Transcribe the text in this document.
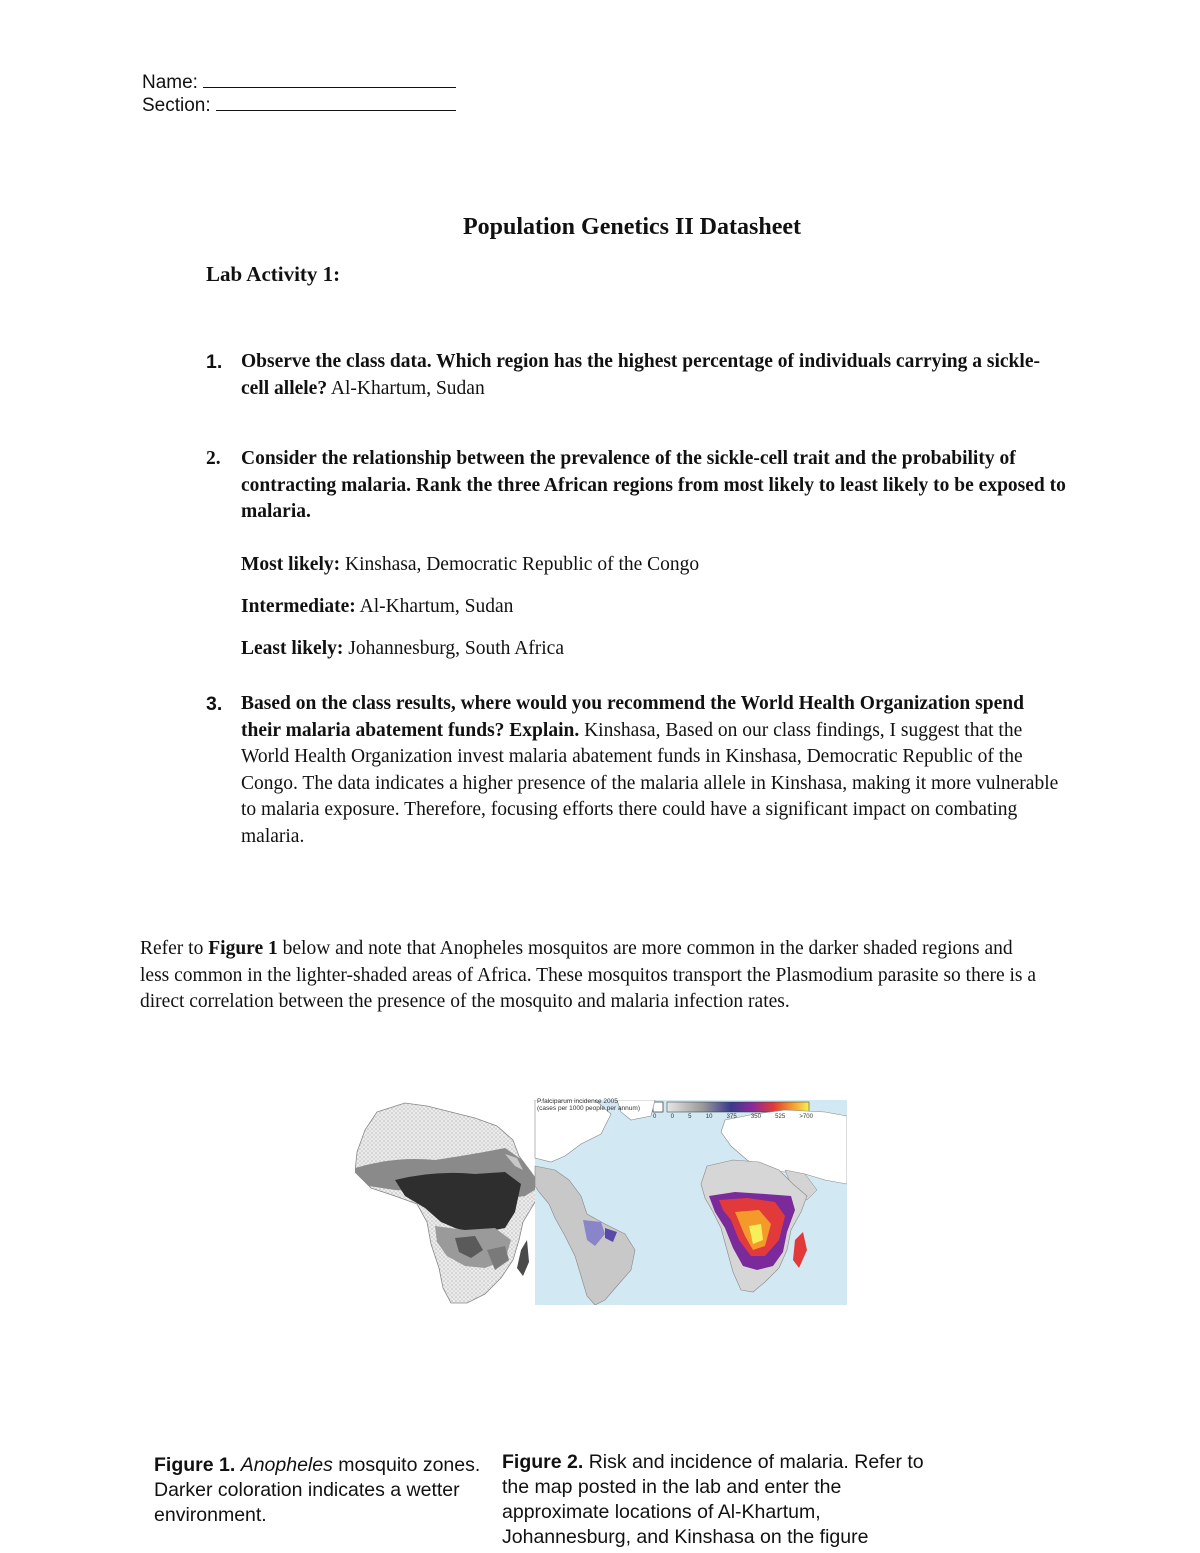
Name:
Section:
Population Genetics II Datasheet
Lab Activity 1:
1. Observe the class data. Which region has the highest percentage of individuals carrying a sickle-cell allele? Al-Khartum, Sudan
2.	Consider the relationship between the prevalence of the sickle-cell trait and the probability of contracting malaria. Rank the three African regions from most likely to least likely to be exposed to malaria.
Most likely: Kinshasa, Democratic Republic of the Congo
Intermediate: Al-Khartum, Sudan
Least likely: Johannesburg, South Africa
3. Based on the class results, where would you recommend the World Health Organization spend their malaria abatement funds? Explain. Kinshasa, Based on our class findings, I suggest that the World Health Organization invest malaria abatement funds in Kinshasa, Democratic Republic of the Congo. The data indicates a higher presence of the malaria allele in Kinshasa, making it more vulnerable to malaria exposure. Therefore, focusing efforts there could have a significant impact on combating malaria.
Refer to Figure 1 below and note that Anopheles mosquitos are more common in the darker shaded regions and less common in the lighter-shaded areas of Africa. These mosquitos transport the Plasmodium parasite so there is a direct correlation between the presence of the mosquito and malaria infection rates.
P.falciparum incidence 2005
(cases per 1000 people per annum)
0 0 5 10 375 350 525 >700
Figure 1. Anopheles mosquito zones. Darker coloration indicates a wetter environment.
Figure 2. Risk and incidence of malaria. Refer to the map posted in the lab and enter the approximate locations of Al-Khartum, Johannesburg, and Kinshasa on the figure
